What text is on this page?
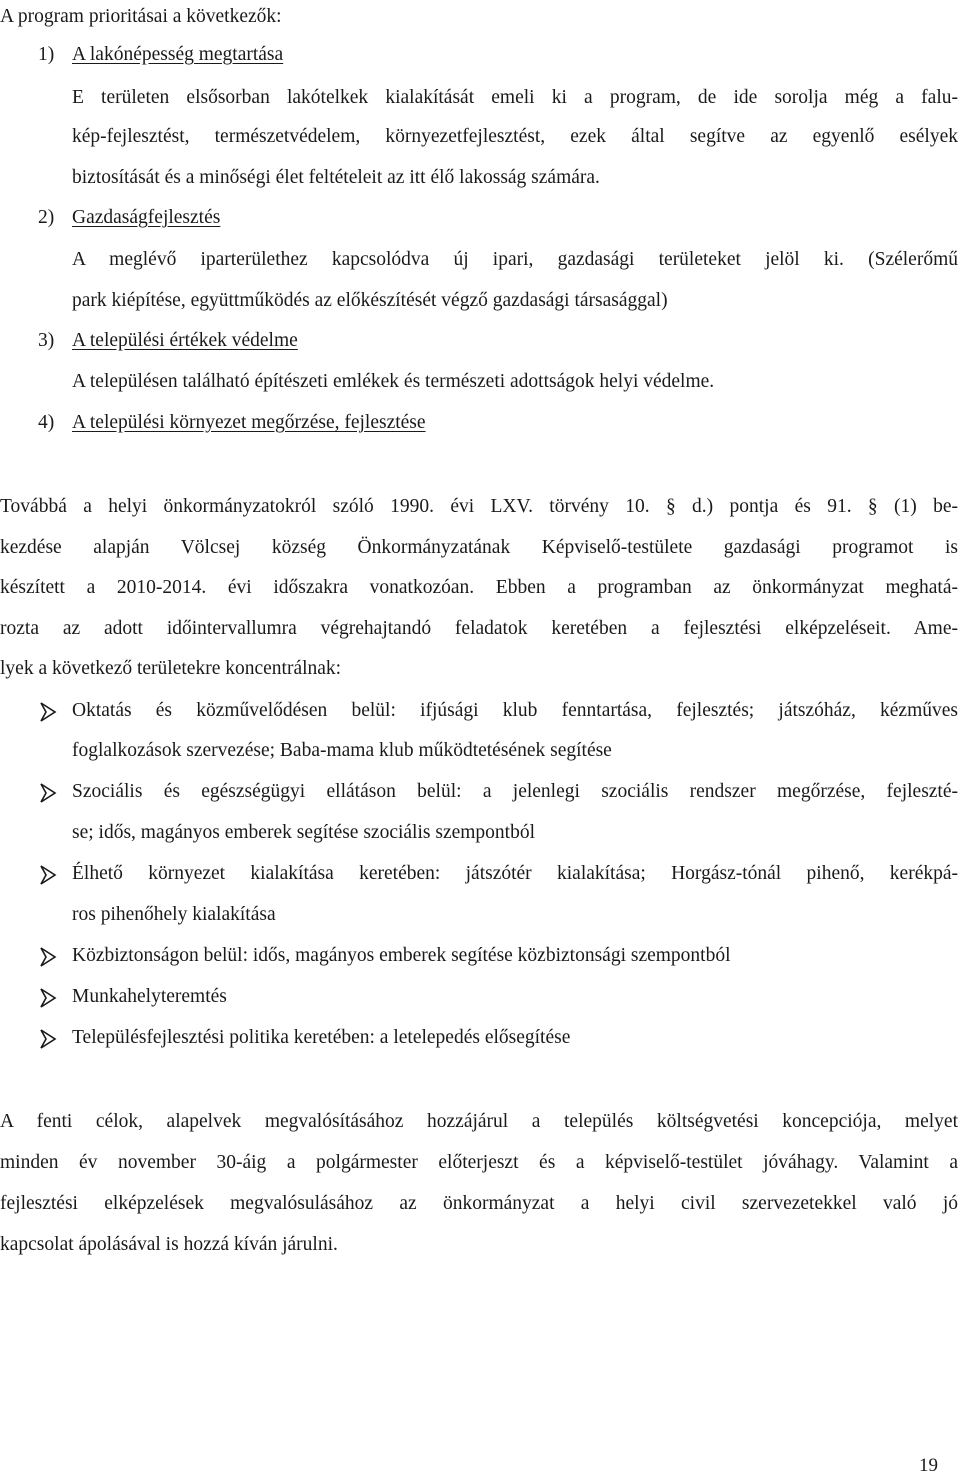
A program prioritásai a következők:
1) A lakónépesség megtartása
E területen elsősorban lakótelkek kialakítását emeli ki a program, de ide sorolja még a falu-
kép-fejlesztést, természetvédelem, környezetfejlesztést, ezek által segítve az egyenlő esélyek
biztosítását és a minőségi élet feltételeit az itt élő lakosság számára.
2) Gazdaságfejlesztés
A meglévő iparterülethez kapcsolódva új ipari, gazdasági területeket jelöl ki. (Szélerőmű
park kiépítése, együttműködés az előkészítését végző gazdasági társasággal)
3) A települési értékek védelme
A településen található építészeti emlékek és természeti adottságok helyi védelme.
4) A települési környezet megőrzése, fejlesztése
Továbbá a helyi önkormányzatokról szóló 1990. évi LXV. törvény 10. § d.) pontja és 91. § (1) be-
kezdése alapján Völcsej község Önkormányzatának Képviselő-testülete gazdasági programot is
készített a 2010-2014. évi időszakra vonatkozóan. Ebben a programban az önkormányzat meghatá-
rozta az adott időintervallumra végrehajtandó feladatok keretében a fejlesztési elképzeléseit. Ame-
lyek a következő területekre koncentrálnak:
Oktatás és közművelődésen belül: ifjúsági klub fenntartása, fejlesztés; játszóház, kézműves
foglalkozások szervezése; Baba-mama klub működtetésének segítése
Szociális és egészségügyi ellátáson belül: a jelenlegi szociális rendszer megőrzése, fejleszté-
se; idős, magányos emberek segítése szociális szempontból
Élhető környezet kialakítása keretében: játszótér kialakítása; Horgász-tónál pihenő, kerékpá-
ros pihenőhely kialakítása
Közbiztonságon belül: idős, magányos emberek segítése közbiztonsági szempontból
Munkahelyteremtés
Településfejlesztési politika keretében: a letelepedés elősegítése
A fenti célok, alapelvek megvalósításához hozzájárul a település költségvetési koncepciója, melyet
minden év november 30-áig a polgármester előterjeszt és a képviselő-testület jóváhagy. Valamint a
fejlesztési elképzelések megvalósulásához az önkormányzat a helyi civil szervezetekkel való jó
kapcsolat ápolásával is hozzá kíván járulni.
19
